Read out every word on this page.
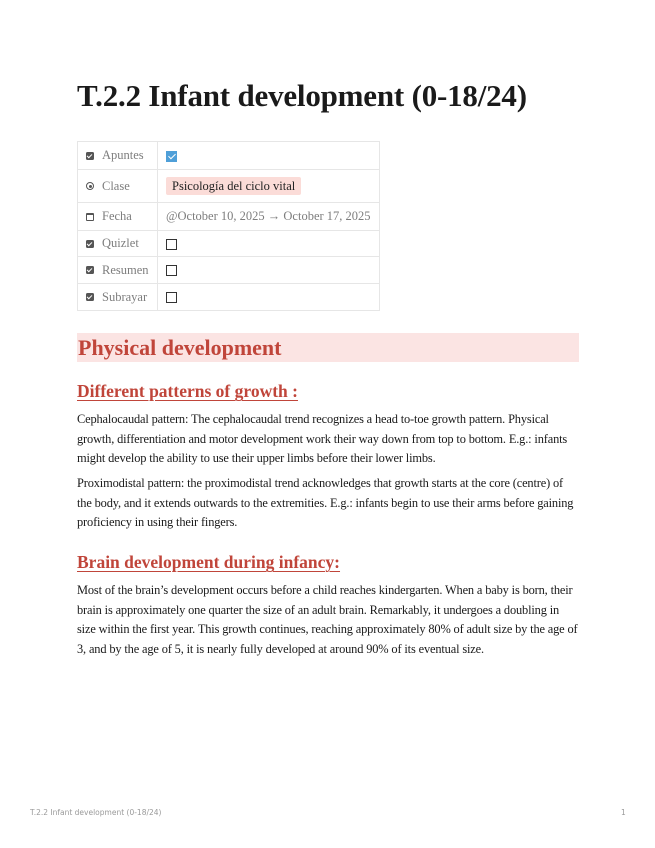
T.2.2 Infant development (0-18/24)
Apuntes	

Clase	Psicología del ciclo vital

Fecha	@October 10, 2025 → October 17, 2025

Quizlet	

Resumen	

Subrayar	

Physical development
Different patterns of growth :

Cephalocaudal pattern: The cephalocaudal trend recognizes a head to-toe growth pattern. Physical growth, differentiation and motor development work their way down from top to bottom. E.g.: infants might develop the ability to use their upper limbs before their lower limbs.

Proximodistal pattern: the proximodistal trend acknowledges that growth starts at the core (centre) of the body, and it extends outwards to the extremities. E.g.: infants begin to use their arms before gaining proficiency in using their fingers.

Brain development during infancy:

Most of the brain’s development occurs before a child reaches kindergarten. When a baby is born, their brain is approximately one quarter the size of an adult brain. Remarkably, it undergoes a doubling in size within the first year. This growth continues, reaching approximately 80% of adult size by the age of 3, and by the age of 5, it is nearly fully developed at around 90% of its eventual size.

T.2.2 Infant development (0-18/24)	1
